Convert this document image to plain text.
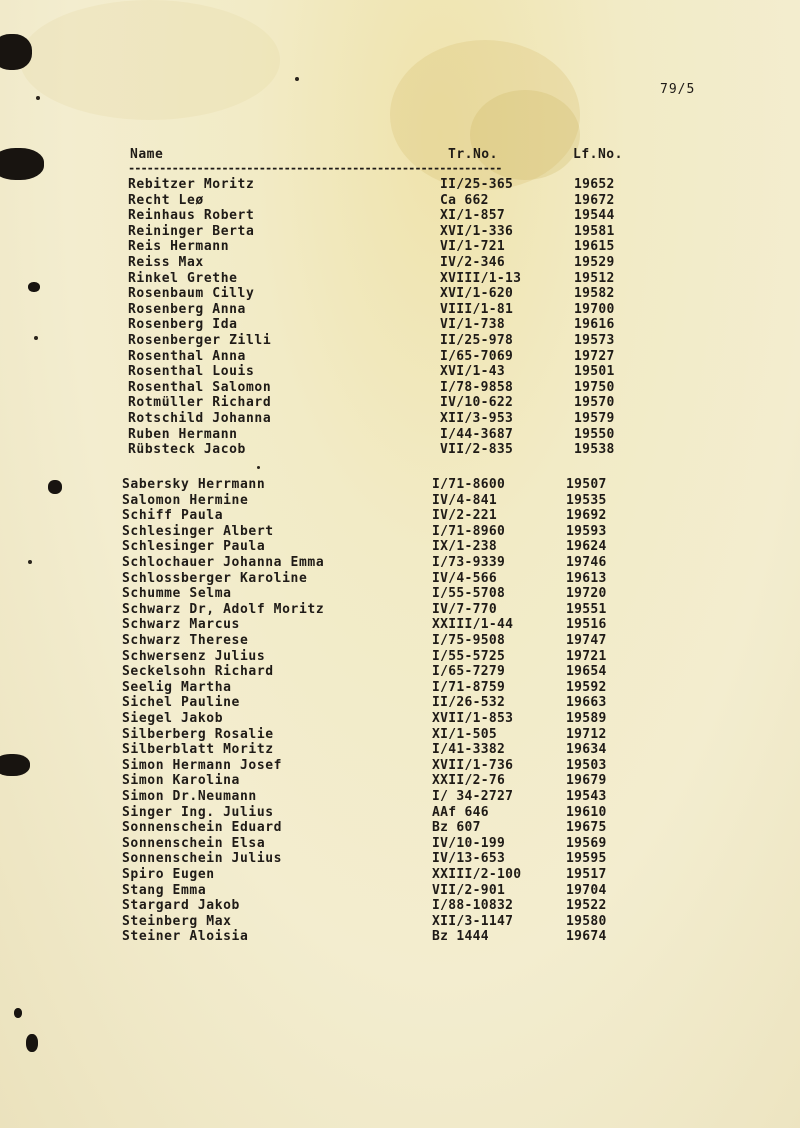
79/5
Name	Tr.No.	Lf.No.
------------------------------------------------------------
Rebitzer Moritz	II/25-365	19652
Recht Leø	Ca 662	19672
Reinhaus Robert	XI/1-857	19544
Reininger Berta	XVI/1-336	19581
Reis Hermann	VI/1-721	19615
Reiss Max	IV/2-346	19529
Rinkel Grethe	XVIII/1-13	19512
Rosenbaum Cilly	XVI/1-620	19582
Rosenberg Anna	VIII/1-81	19700
Rosenberg Ida	VI/1-738	19616
Rosenberger Zilli	II/25-978	19573
Rosenthal Anna	I/65-7069	19727
Rosenthal Louis	XVI/1-43	19501
Rosenthal Salomon	I/78-9858	19750
Rotmüller Richard	IV/10-622	19570
Rotschild Johanna	XII/3-953	19579
Ruben Hermann	I/44-3687	19550
Rübsteck Jacob	VII/2-835	19538
Sabersky Herrmann	I/71-8600	19507
Salomon Hermine	IV/4-841	19535
Schiff Paula	IV/2-221	19692
Schlesinger Albert	I/71-8960	19593
Schlesinger Paula	IX/1-238	19624
Schlochauer Johanna Emma	I/73-9339	19746
Schlossberger Karoline	IV/4-566	19613
Schumme Selma	I/55-5708	19720
Schwarz Dr, Adolf Moritz	IV/7-770	19551
Schwarz Marcus	XXIII/1-44	19516
Schwarz Therese	I/75-9508	19747
Schwersenz Julius	I/55-5725	19721
Seckelsohn Richard	I/65-7279	19654
Seelig Martha	I/71-8759	19592
Sichel Pauline	II/26-532	19663
Siegel Jakob	XVII/1-853	19589
Silberberg Rosalie	XI/1-505	19712
Silberblatt Moritz	I/41-3382	19634
Simon Hermann Josef	XVII/1-736	19503
Simon Karolina	XXII/2-76	19679
Simon Dr.Neumann	I/ 34-2727	19543
Singer Ing. Julius	AAf 646	19610
Sonnenschein Eduard	Bz 607	19675
Sonnenschein Elsa	IV/10-199	19569
Sonnenschein Julius	IV/13-653	19595
Spiro Eugen	XXIII/2-100	19517
Stang Emma	VII/2-901	19704
Stargard Jakob	I/88-10832	19522
Steinberg Max	XII/3-1147	19580
Steiner Aloisia	Bz 1444	19674
